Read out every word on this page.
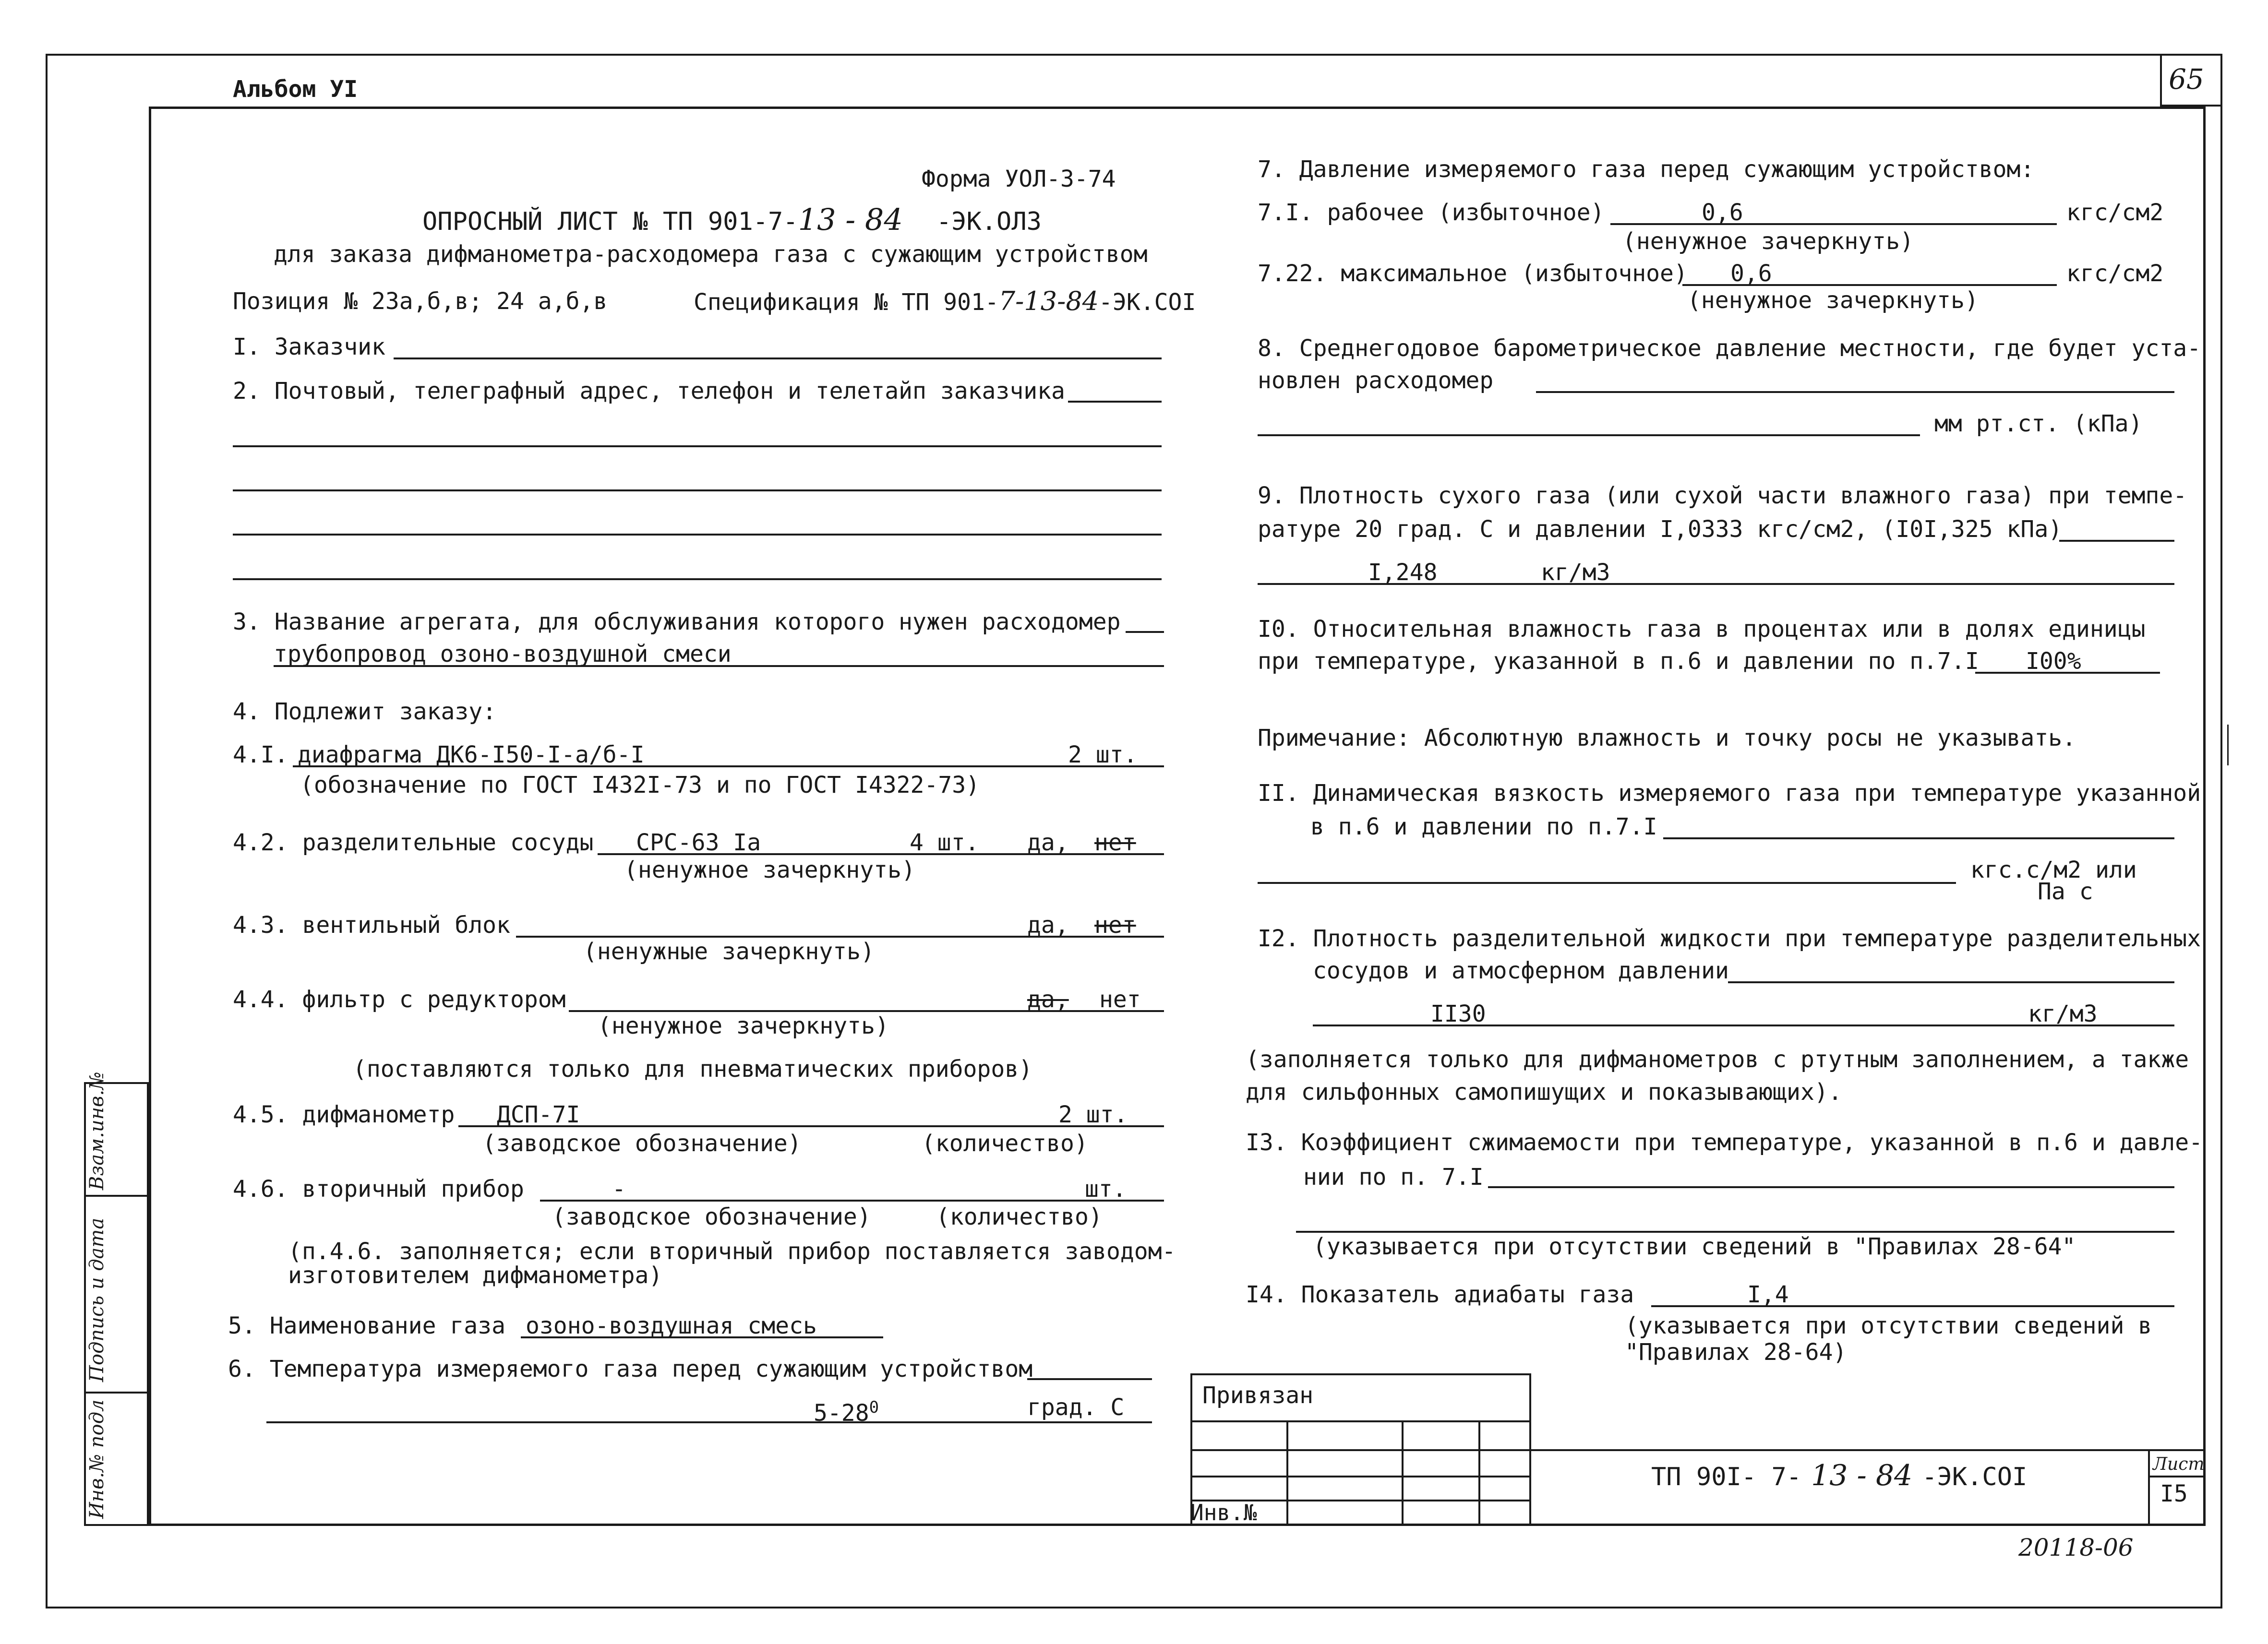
65
Альбом УI
Инв.№ подл
Подпись и дата
Взам.инв.№
Форма УОЛ-3-74
ОПРОСНЫЙ ЛИСТ № ТП 901-7-13 - 84 -ЭК.ОЛ3
для заказа дифманометра-расходомера газа с сужающим устройством
Позиция № 23а,б,в; 24 а,б,в	Спецификация № ТП 901-7-13-84-ЭК.СОI
I. Заказчик
2. Почтовый, телеграфный адрес, телефон и телетайп заказчика
3. Название агрегата, для обслуживания которого нужен расходомер
трубопровод озоно-воздушной смеси
4. Подлежит заказу:
4.I. диафрагма ДК6-I50-I-а/б-I	2 шт.
(обозначение по ГОСТ I432I-73 и по ГОСТ I4322-73)
4.2. разделительные сосуды СРС-63 Iа	4 шт. да, нет
(ненужное зачеркнуть)
4.3. вентильный блок	да, нет
(ненужные зачеркнуть)
4.4. фильтр с редуктором	да, нет
(ненужное зачеркнуть)
(поставляются только для пневматических приборов)
4.5. дифманометр ДСП-7I	2 шт.
(заводское обозначение)	(количество)
4.6. вторичный прибор	-	шт.
(заводское обозначение)	(количество)
(п.4.6. заполняется; если вторичный прибор поставляется заводом-
изготовителем дифманометра)
5. Наименование газа озоно-воздушная смесь
6. Температура измеряемого газа перед сужающим устройством
$5-28^0$	град. С
7. Давление измеряемого газа перед сужающим устройством:
7.I. рабочее (избыточное)	0,6	кгс/см2
(ненужное зачеркнуть)
7.22. максимальное (избыточное) 0,6	кгс/см2
(ненужное зачеркнуть)
8. Среднегодовое барометрическое давление местности, где будет уста-
новлен расходомер
мм рт.ст. (кПа)
9. Плотность сухого газа (или сухой части влажного газа) при темпе-
ратуре 20 град. С и давлении I,0333 кгс/см2, (I0I,325 кПа)
I,248	кг/м3
I0. Относительная влажность газа в процентах или в долях единицы
при температуре, указанной в п.6 и давлении по п.7.I I00%
Примечание: Абсолютную влажность и точку росы не указывать.
II. Динамическая вязкость измеряемого газа при температуре указанной
в п.6 и давлении по п.7.I
кгс.с/м2 или
Па с
I2. Плотность разделительной жидкости при температуре разделительных
сосудов и атмосферном давлении
II30	кг/м3
(заполняется только для дифманометров с ртутным заполнением, а также
для сильфонных самопишущих и показывающих).
I3. Коэффициент сжимаемости при температуре, указанной в п.6 и давле-
нии по п. 7.I
(указывается при отсутствии сведений в "Правилах 28-64"
I4. Показатель адиабаты газа	I,4
(указывается при отсутствии сведений в
"Правилах 28-64)
Привязан
Инв.№
ТП 90I- 7- 13 - 84 -ЭК.СОI	Лист
I5
20118-06
